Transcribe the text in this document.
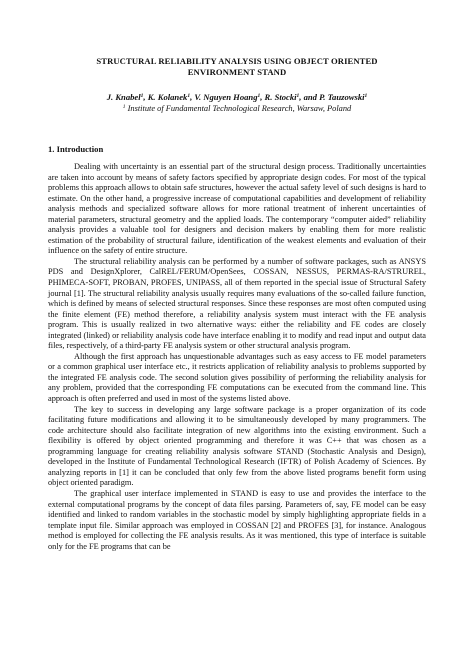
STRUCTURAL RELIABILITY ANALYSIS USING OBJECT ORIENTED
ENVIRONMENT STAND

J. Knabel$^1$, K. Kolanek$^1$, V. Nguyen Hoang$^1$, R. Stocki$^1$, and P. Tauzowski$^1$

$^1$ Institute of Fundamental Technological Research, Warsaw, Poland

1. Introduction

Dealing with uncertainty is an essential part of the structural design process. Traditionally uncertainties are taken into account by means of safety factors specified by appropriate design codes. For most of the typical problems this approach allows to obtain safe structures, however the actual safety level of such designs is hard to estimate. On the other hand, a progressive increase of computational capabilities and development of reliability analysis methods and specialized software allows for more rational treatment of inherent uncertainties of material parameters, structural geometry and the applied loads. The contemporary “computer aided” reliability analysis provides a valuable tool for designers and decision makers by enabling them for more realistic estimation of the probability of structural failure, identification of the weakest elements and evaluation of their influence on the safety of entire structure.

The structural reliability analysis can be performed by a number of software packages, such as ANSYS PDS and DesignXplorer, CalREL/FERUM/OpenSees, COSSAN, NESSUS, PERMAS-RA/STRUREL, PHIMECA-SOFT, PROBAN, PROFES, UNIPASS, all of them reported in the special issue of Structural Safety journal [1]. The structural reliability analysis usually requires many evaluations of the so-called failure function, which is defined by means of selected structural responses. Since these responses are most often computed using the finite element (FE) method therefore, a reliability analysis system must interact with the FE analysis program. This is usually realized in two alternative ways: either the reliability and FE codes are closely integrated (linked) or reliability analysis code have interface enabling it to modify and read input and output data files, respectively, of a third-party FE analysis system or other structural analysis program.

Although the first approach has unquestionable advantages such as easy access to FE model parameters or a common graphical user interface etc., it restricts application of reliability analysis to problems supported by the integrated FE analysis code. The second solution gives possibility of performing the reliability analysis for any problem, provided that the corresponding FE computations can be executed from the command line. This approach is often preferred and used in most of the systems listed above.

The key to success in developing any large software package is a proper organization of its code facilitating future modifications and allowing it to be simultaneously developed by many programmers. The code architecture should also facilitate integration of new algorithms into the existing environment. Such a flexibility is offered by object oriented programming and therefore it was C++ that was chosen as a programming language for creating reliability analysis software STAND (Stochastic Analysis and Design), developed in the Institute of Fundamental Technological Research (IFTR) of Polish Academy of Sciences. By analyzing reports in [1] it can be concluded that only few from the above listed programs benefit form using object oriented paradigm.

The graphical user interface implemented in STAND is easy to use and provides the interface to the external computational programs by the concept of data files parsing. Parameters of, say, FE model can be easy identified and linked to random variables in the stochastic model by simply highlighting appropriate fields in a template input file. Similar approach was employed in COSSAN [2] and PROFES [3], for instance. Analogous method is employed for collecting the FE analysis results. As it was mentioned, this type of interface is suitable only for the FE programs that can be
